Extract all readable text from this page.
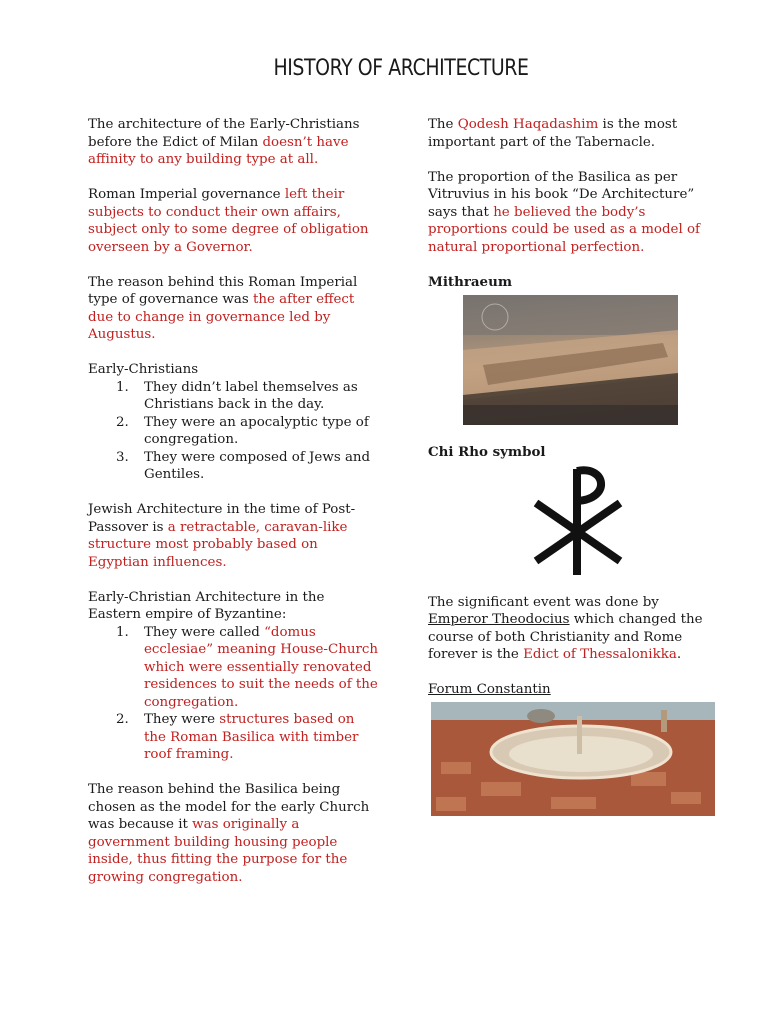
HISTORY OF ARCHITECTURE

The architecture of the Early-Christians before the Edict of Milan doesn’t have affinity to any building type at all.

Roman Imperial governance left their subjects to conduct their own affairs, subject only to some degree of obligation overseen by a Governor.

The reason behind this Roman Imperial type of governance was the after effect due to change in governance led by Augustus.

Early-Christians
1. They didn’t label themselves as Christians back in the day.
2. They were an apocalyptic type of congregation.
3. They were composed of Jews and Gentiles.

Jewish Architecture in the time of Post-Passover is a retractable, caravan-like structure most probably based on Egyptian influences.

Early-Christian Architecture in the Eastern empire of Byzantine:
1. They were called “domus ecclesiae” meaning House-Church which were essentially renovated residences to suit the needs of the congregation.
2. They were structures based on the Roman Basilica with timber roof framing.

The reason behind the Basilica being chosen as the model for the early Church was because it was originally a government building housing people inside, thus fitting the purpose for the growing congregation.

The Qodesh Haqadashim is the most important part of the Tabernacle.

The proportion of the Basilica as per Vitruvius in his book “De Architecture” says that he believed the body’s proportions could be used as a model of natural proportional perfection.

Mithraeum
Chi Rho symbol

The significant event was done by Emperor Theodocius which changed the course of both Christianity and Rome forever is the Edict of Thessalonikka.

Forum Constantin
